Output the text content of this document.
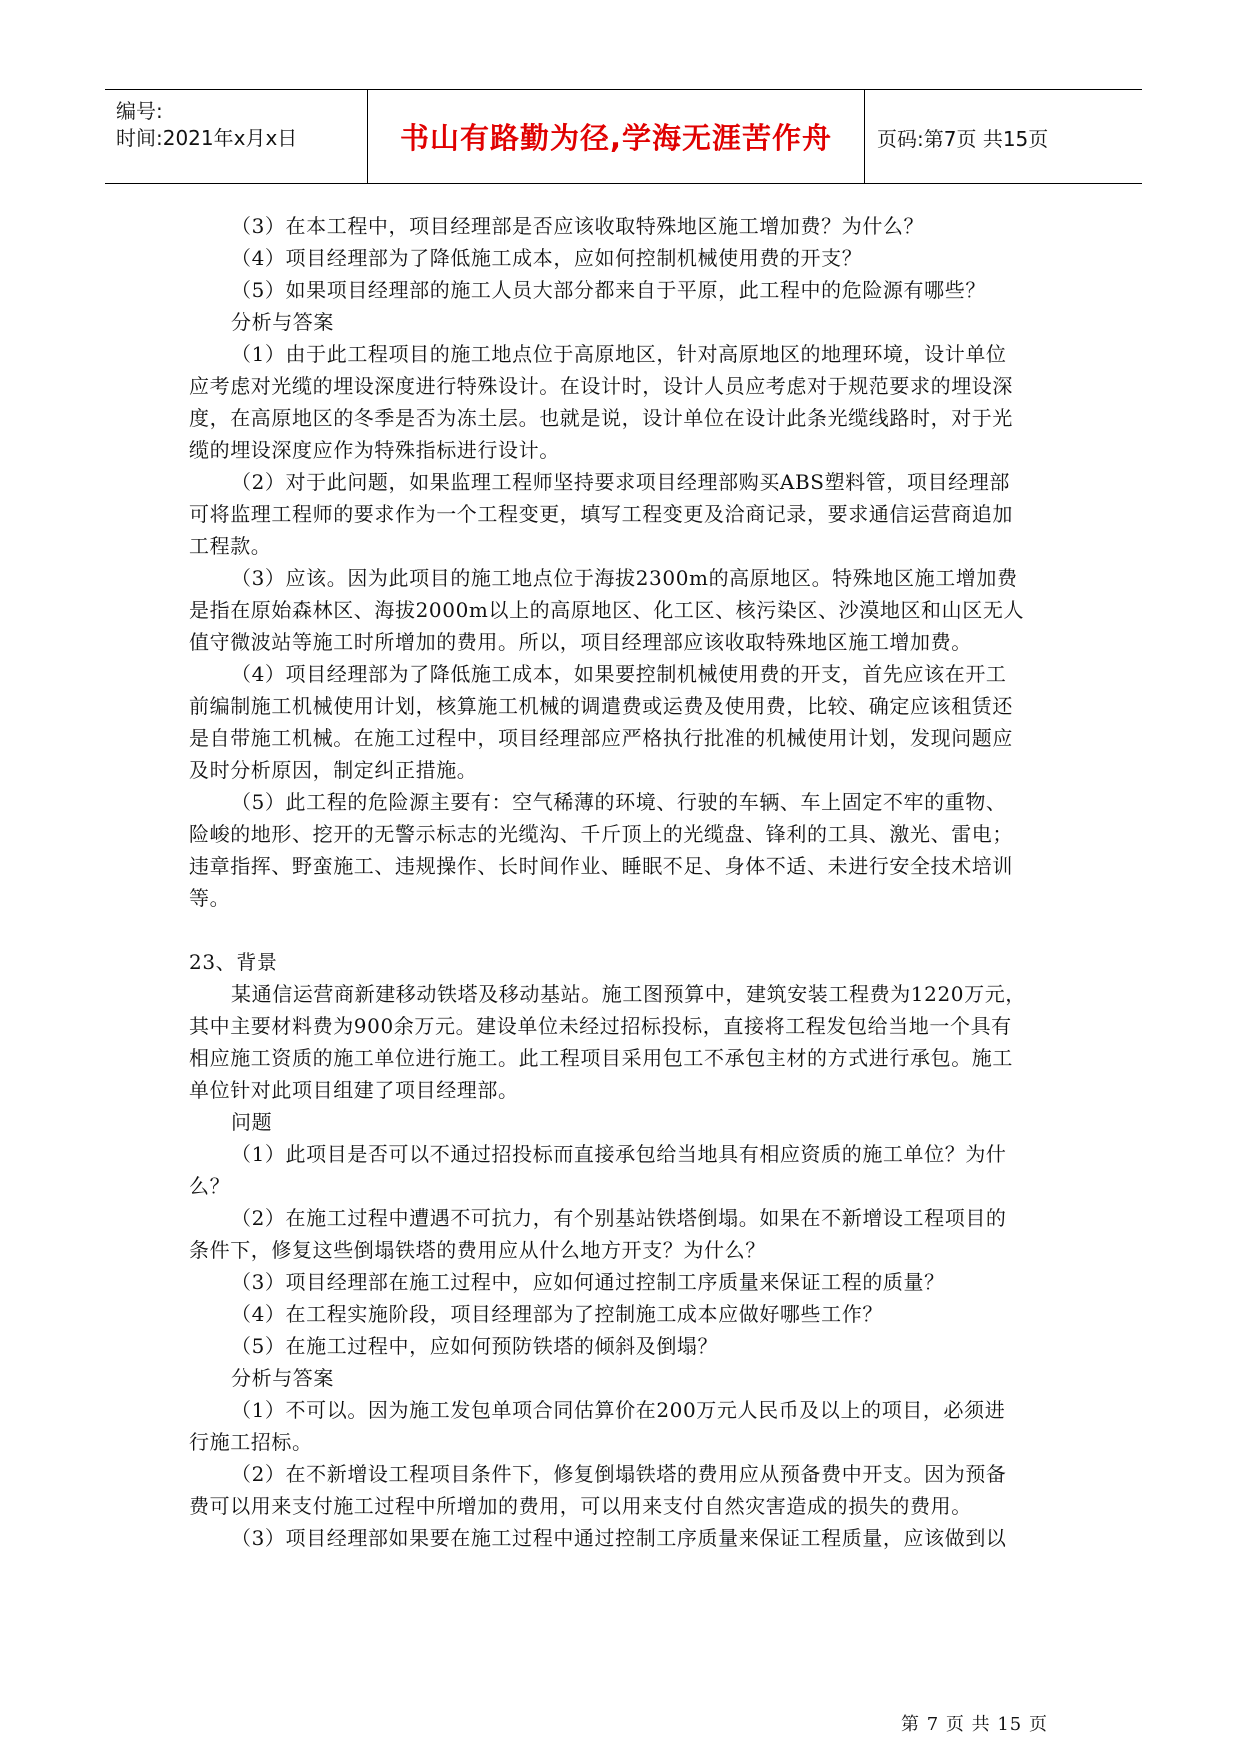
编号:
时间:2021年x月x日	书山有路勤为径,学海无涯苦作舟	页码:第7页 共15页
（3）在本工程中，项目经理部是否应该收取特殊地区施工增加费？为什么？
（4）项目经理部为了降低施工成本，应如何控制机械使用费的开支？
（5）如果项目经理部的施工人员大部分都来自于平原，此工程中的危险源有哪些？
分析与答案
（1）由于此工程项目的施工地点位于高原地区，针对高原地区的地理环境，设计单位
应考虑对光缆的埋设深度进行特殊设计。在设计时，设计人员应考虑对于规范要求的埋设深
度，在高原地区的冬季是否为冻土层。也就是说，设计单位在设计此条光缆线路时，对于光
缆的埋设深度应作为特殊指标进行设计。
（2）对于此问题，如果监理工程师坚持要求项目经理部购买ABS塑料管，项目经理部
可将监理工程师的要求作为一个工程变更，填写工程变更及洽商记录，要求通信运营商追加
工程款。
（3）应该。因为此项目的施工地点位于海拔2300m的高原地区。特殊地区施工增加费
是指在原始森林区、海拔2000m以上的高原地区、化工区、核污染区、沙漠地区和山区无人
值守微波站等施工时所增加的费用。所以，项目经理部应该收取特殊地区施工增加费。
（4）项目经理部为了降低施工成本，如果要控制机械使用费的开支，首先应该在开工
前编制施工机械使用计划，核算施工机械的调遣费或运费及使用费，比较、确定应该租赁还
是自带施工机械。在施工过程中，项目经理部应严格执行批准的机械使用计划，发现问题应
及时分析原因，制定纠正措施。
（5）此工程的危险源主要有：空气稀薄的环境、行驶的车辆、车上固定不牢的重物、
险峻的地形、挖开的无警示标志的光缆沟、千斤顶上的光缆盘、锋利的工具、激光、雷电；
违章指挥、野蛮施工、违规操作、长时间作业、睡眠不足、身体不适、未进行安全技术培训
等。
23、背景
某通信运营商新建移动铁塔及移动基站。施工图预算中，建筑安装工程费为1220万元，
其中主要材料费为900余万元。建设单位未经过招标投标，直接将工程发包给当地一个具有
相应施工资质的施工单位进行施工。此工程项目采用包工不承包主材的方式进行承包。施工
单位针对此项目组建了项目经理部。
问题
（1）此项目是否可以不通过招投标而直接承包给当地具有相应资质的施工单位？为什
么？
（2）在施工过程中遭遇不可抗力，有个别基站铁塔倒塌。如果在不新增设工程项目的
条件下，修复这些倒塌铁塔的费用应从什么地方开支？为什么？
（3）项目经理部在施工过程中，应如何通过控制工序质量来保证工程的质量？
（4）在工程实施阶段，项目经理部为了控制施工成本应做好哪些工作？
（5）在施工过程中，应如何预防铁塔的倾斜及倒塌？
分析与答案
（1）不可以。因为施工发包单项合同估算价在200万元人民币及以上的项目，必须进
行施工招标。
（2）在不新增设工程项目条件下，修复倒塌铁塔的费用应从预备费中开支。因为预备
费可以用来支付施工过程中所增加的费用，可以用来支付自然灾害造成的损失的费用。
（3）项目经理部如果要在施工过程中通过控制工序质量来保证工程质量，应该做到以
第 7 页 共 15 页
